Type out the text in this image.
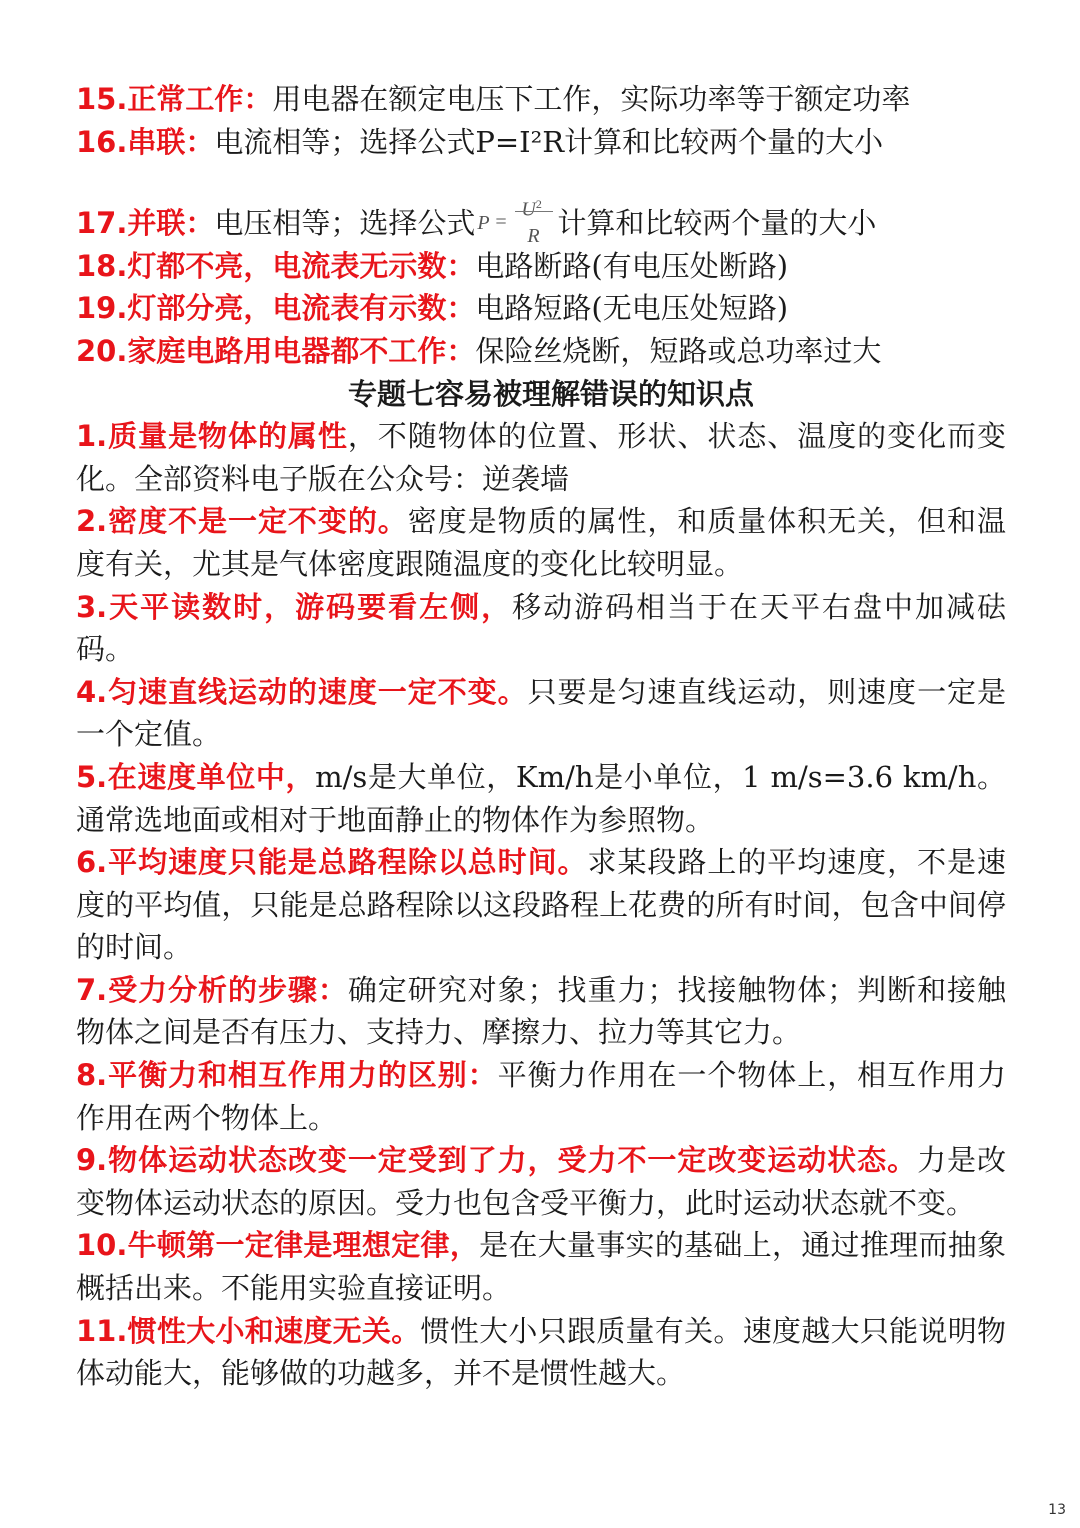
15.正常工作：用电器在额定电压下工作，实际功率等于额定功率

16.串联：电流相等；选择公式P=I²R计算和比较两个量的大小

17.并联：电压相等；选择公式 P =
$U^2$
R 计算和比较两个量的大小

18.灯都不亮，电流表无示数：电路断路(有电压处断路)

19.灯部分亮，电流表有示数：电路短路(无电压处短路)

20.家庭电路用电器都不工作：保险丝烧断，短路或总功率过大

专题七容易被理解错误的知识点

1.质量是物体的属性，不随物体的位置、形状、状态、温度的变化而变化。全部资料电子版在公众号：逆袭墙

2.密度不是一定不变的。密度是物质的属性，和质量体积无关，但和温度有关，尤其是气体密度跟随温度的变化比较明显。

3.天平读数时，游码要看左侧，移动游码相当于在天平右盘中加减砝码。

4.匀速直线运动的速度一定不变。只要是匀速直线运动，则速度一定是一个定值。

5.在速度单位中，m/s是大单位，Km/h是小单位，1 m/s=3.6 km/h。通常选地面或相对于地面静止的物体作为参照物。

6.平均速度只能是总路程除以总时间。求某段路上的平均速度，不是速度的平均值，只能是总路程除以这段路程上花费的所有时间，包含中间停的时间。

7.受力分析的步骤：确定研究对象；找重力；找接触物体；判断和接触物体之间是否有压力、支持力、摩擦力、拉力等其它力。

8.平衡力和相互作用力的区别：平衡力作用在一个物体上，相互作用力作用在两个物体上。

9.物体运动状态改变一定受到了力，受力不一定改变运动状态。力是改变物体运动状态的原因。受力也包含受平衡力，此时运动状态就不变。

10.牛顿第一定律是理想定律，是在大量事实的基础上，通过推理而抽象概括出来。不能用实验直接证明。

11.惯性大小和速度无关。惯性大小只跟质量有关。速度越大只能说明物体动能大，能够做的功越多，并不是惯性越大。

13
